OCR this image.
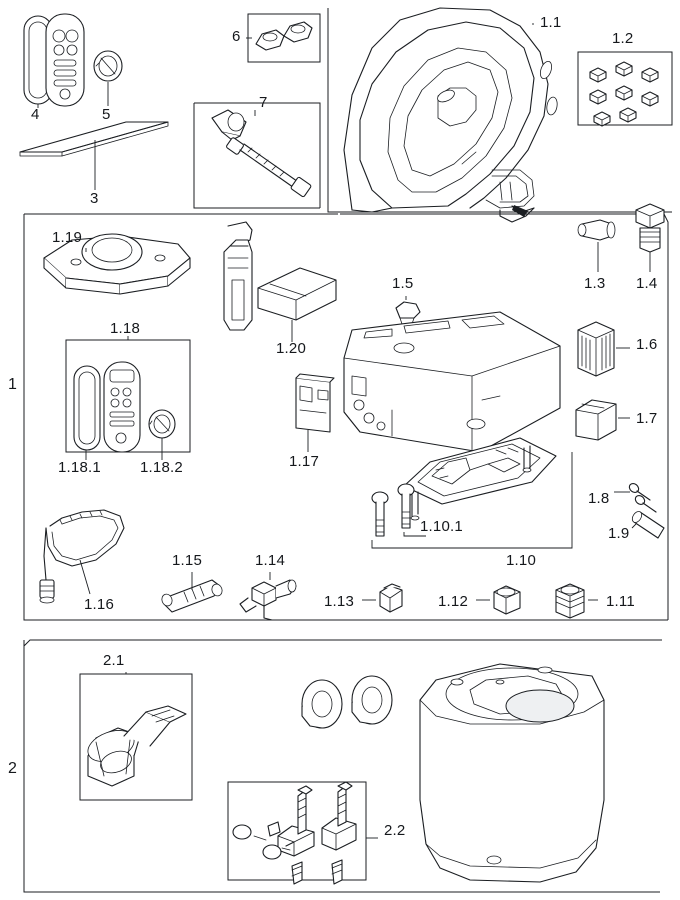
1.1
1.2
6
4	5
7
3
1.3 1.4
1.19
1.20
1.18
1.18.1	1.18.2
1.5
1.6
1.7
1.17
1.10.1
1.10
1.8
1.9
1.16
1.15	1.14
1.13	1.12	1.11
2.1
2.2
1
2
